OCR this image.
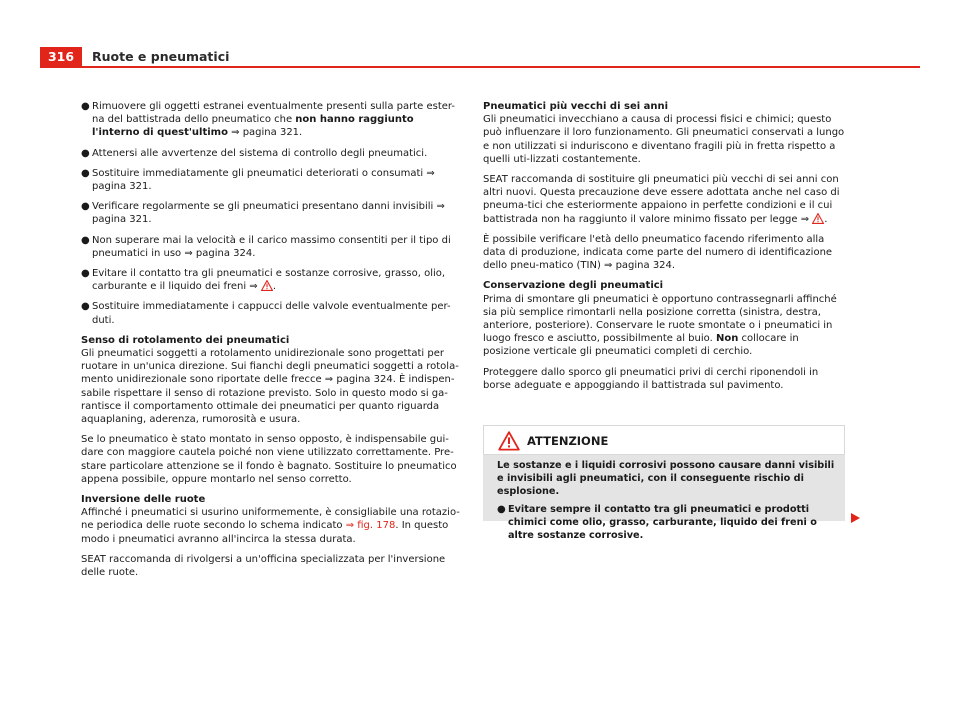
316	Ruote e pneumatici
● Rimuovere gli oggetti estranei eventualmente presenti sulla parte ester-na del battistrada dello pneumatico che non hanno raggiunto l'interno di quest'ultimo ⇒ pagina 321.
● Attenersi alle avvertenze del sistema di controllo degli pneumatici.
● Sostituire immediatamente gli pneumatici deteriorati o consumati ⇒ pagina 321.
● Verificare regolarmente se gli pneumatici presentano danni invisibili ⇒ pagina 321.
● Non superare mai la velocità e il carico massimo consentiti per il tipo di pneumatici in uso ⇒ pagina 324.
● Evitare il contatto tra gli pneumatici e sostanze corrosive, grasso, olio, carburante e il liquido dei freni ⇒
.
● Sostituire immediatamente i cappucci delle valvole eventualmente per-duti.

Senso di rotolamento dei pneumatici

Gli pneumatici soggetti a rotolamento unidirezionale sono progettati per ruotare in un'unica direzione. Sui fianchi degli pneumatici soggetti a rotola-mento unidirezionale sono riportate delle frecce ⇒ pagina 324. È indispen-sabile rispettare il senso di rotazione previsto. Solo in questo modo si ga-rantisce il comportamento ottimale dei pneumatici per quanto riguarda aquaplaning, aderenza, rumorosità e usura.

Se lo pneumatico è stato montato in senso opposto, è indispensabile gui-dare con maggiore cautela poiché non viene utilizzato correttamente. Pre-stare particolare attenzione se il fondo è bagnato. Sostituire lo pneumatico appena possibile, oppure montarlo nel senso corretto.

Inversione delle ruote

Affinché i pneumatici si usurino uniformemente, è consigliabile una rotazio-ne periodica delle ruote secondo lo schema indicato ⇒ fig. 178. In questo modo i pneumatici avranno all'incirca la stessa durata.

SEAT raccomanda di rivolgersi a un'officina specializzata per l'inversione delle ruote.

Pneumatici più vecchi di sei anni

Gli pneumatici invecchiano a causa di processi fisici e chimici; questo può influenzare il loro funzionamento. Gli pneumatici conservati a lungo e non utilizzati si induriscono e diventano fragili più in fretta rispetto a quelli uti-lizzati costantemente.

SEAT raccomanda di sostituire gli pneumatici più vecchi di sei anni con altri nuovi. Questa precauzione deve essere adottata anche nel caso di pneuma-tici che esteriormente appaiono in perfette condizioni e il cui battistrada non ha raggiunto il valore minimo fissato per legge ⇒
.

È possibile verificare l'età dello pneumatico facendo riferimento alla data di produzione, indicata come parte del numero di identificazione dello pneu-matico (TIN) ⇒ pagina 324.

Conservazione degli pneumatici

Prima di smontare gli pneumatici è opportuno contrassegnarli affinché sia più semplice rimontarli nella posizione corretta (sinistra, destra, anteriore, posteriore). Conservare le ruote smontate o i pneumatici in luogo fresco e asciutto, possibilmente al buio. Non collocare in posizione verticale gli pneumatici completi di cerchio.

Proteggere dallo sporco gli pneumatici privi di cerchi riponendoli in borse adeguate e appoggiando il battistrada sul pavimento.

ATTENZIONE

Le sostanze e i liquidi corrosivi possono causare danni visibili e invisibili agli pneumatici, con il conseguente rischio di esplosione.

● Evitare sempre il contatto tra gli pneumatici e prodotti chimici come olio, grasso, carburante, liquido dei freni o altre sostanze corrosive.
